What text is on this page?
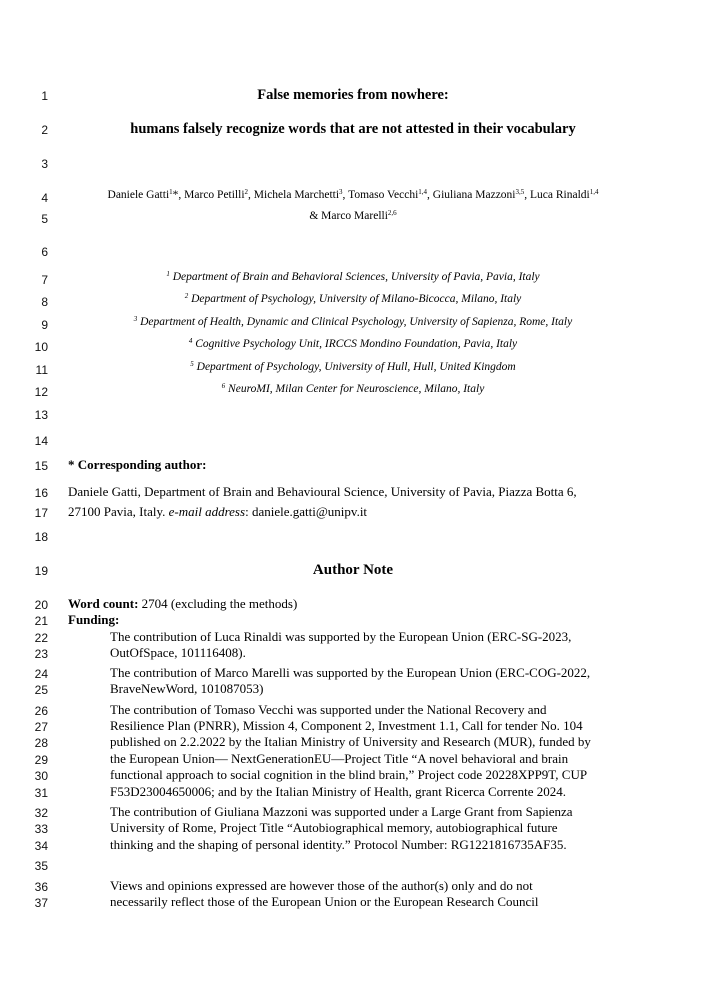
1
2
3
4
5
6
7
8
9
10
11
12
13
14
15
16
17
18
19
20
21
22
23
24
25
26
27
28
29
30
31
32
33
34
35
36
37
False memories from nowhere:
humans falsely recognize words that are not attested in their vocabulary
Daniele Gatti$^1$*, Marco Petilli$^2$, Michela Marchetti$^3$, Tomaso Vecchi$^{1,4}$, Giuliana Mazzoni$^{3,5}$, Luca Rinaldi$^{1,4}$
& Marco Marelli$^{2,6}$
$^1$ Department of Brain and Behavioral Sciences, University of Pavia, Pavia, Italy
$^2$ Department of Psychology, University of Milano-Bicocca, Milano, Italy
$^3$ Department of Health, Dynamic and Clinical Psychology, University of Sapienza, Rome, Italy
$^4$ Cognitive Psychology Unit, IRCCS Mondino Foundation, Pavia, Italy
$^5$ Department of Psychology, University of Hull, Hull, United Kingdom
$^6$ NeuroMI, Milan Center for Neuroscience, Milano, Italy
* Corresponding author:
Daniele Gatti, Department of Brain and Behavioural Science, University of Pavia, Piazza Botta 6,
27100 Pavia, Italy. e-mail address: daniele.gatti@unipv.it
Author Note
Word count: 2704 (excluding the methods)
Funding:
The contribution of Luca Rinaldi was supported by the European Union (ERC-SG-2023,
OutOfSpace, 101116408).
The contribution of Marco Marelli was supported by the European Union (ERC-COG-2022,
BraveNewWord, 101087053)
The contribution of Tomaso Vecchi was supported under the National Recovery and
Resilience Plan (PNRR), Mission 4, Component 2, Investment 1.1, Call for tender No. 104
published on 2.2.2022 by the Italian Ministry of University and Research (MUR), funded by
the European Union— NextGenerationEU—Project Title “A novel behavioral and brain
functional approach to social cognition in the blind brain,” Project code 20228XPP9T, CUP
F53D23004650006; and by the Italian Ministry of Health, grant Ricerca Corrente 2024.
The contribution of Giuliana Mazzoni was supported under a Large Grant from Sapienza
University of Rome, Project Title “Autobiographical memory, autobiographical future
thinking and the shaping of personal identity.” Protocol Number: RG1221816735AF35.
Views and opinions expressed are however those of the author(s) only and do not
necessarily reflect those of the European Union or the European Research Council
